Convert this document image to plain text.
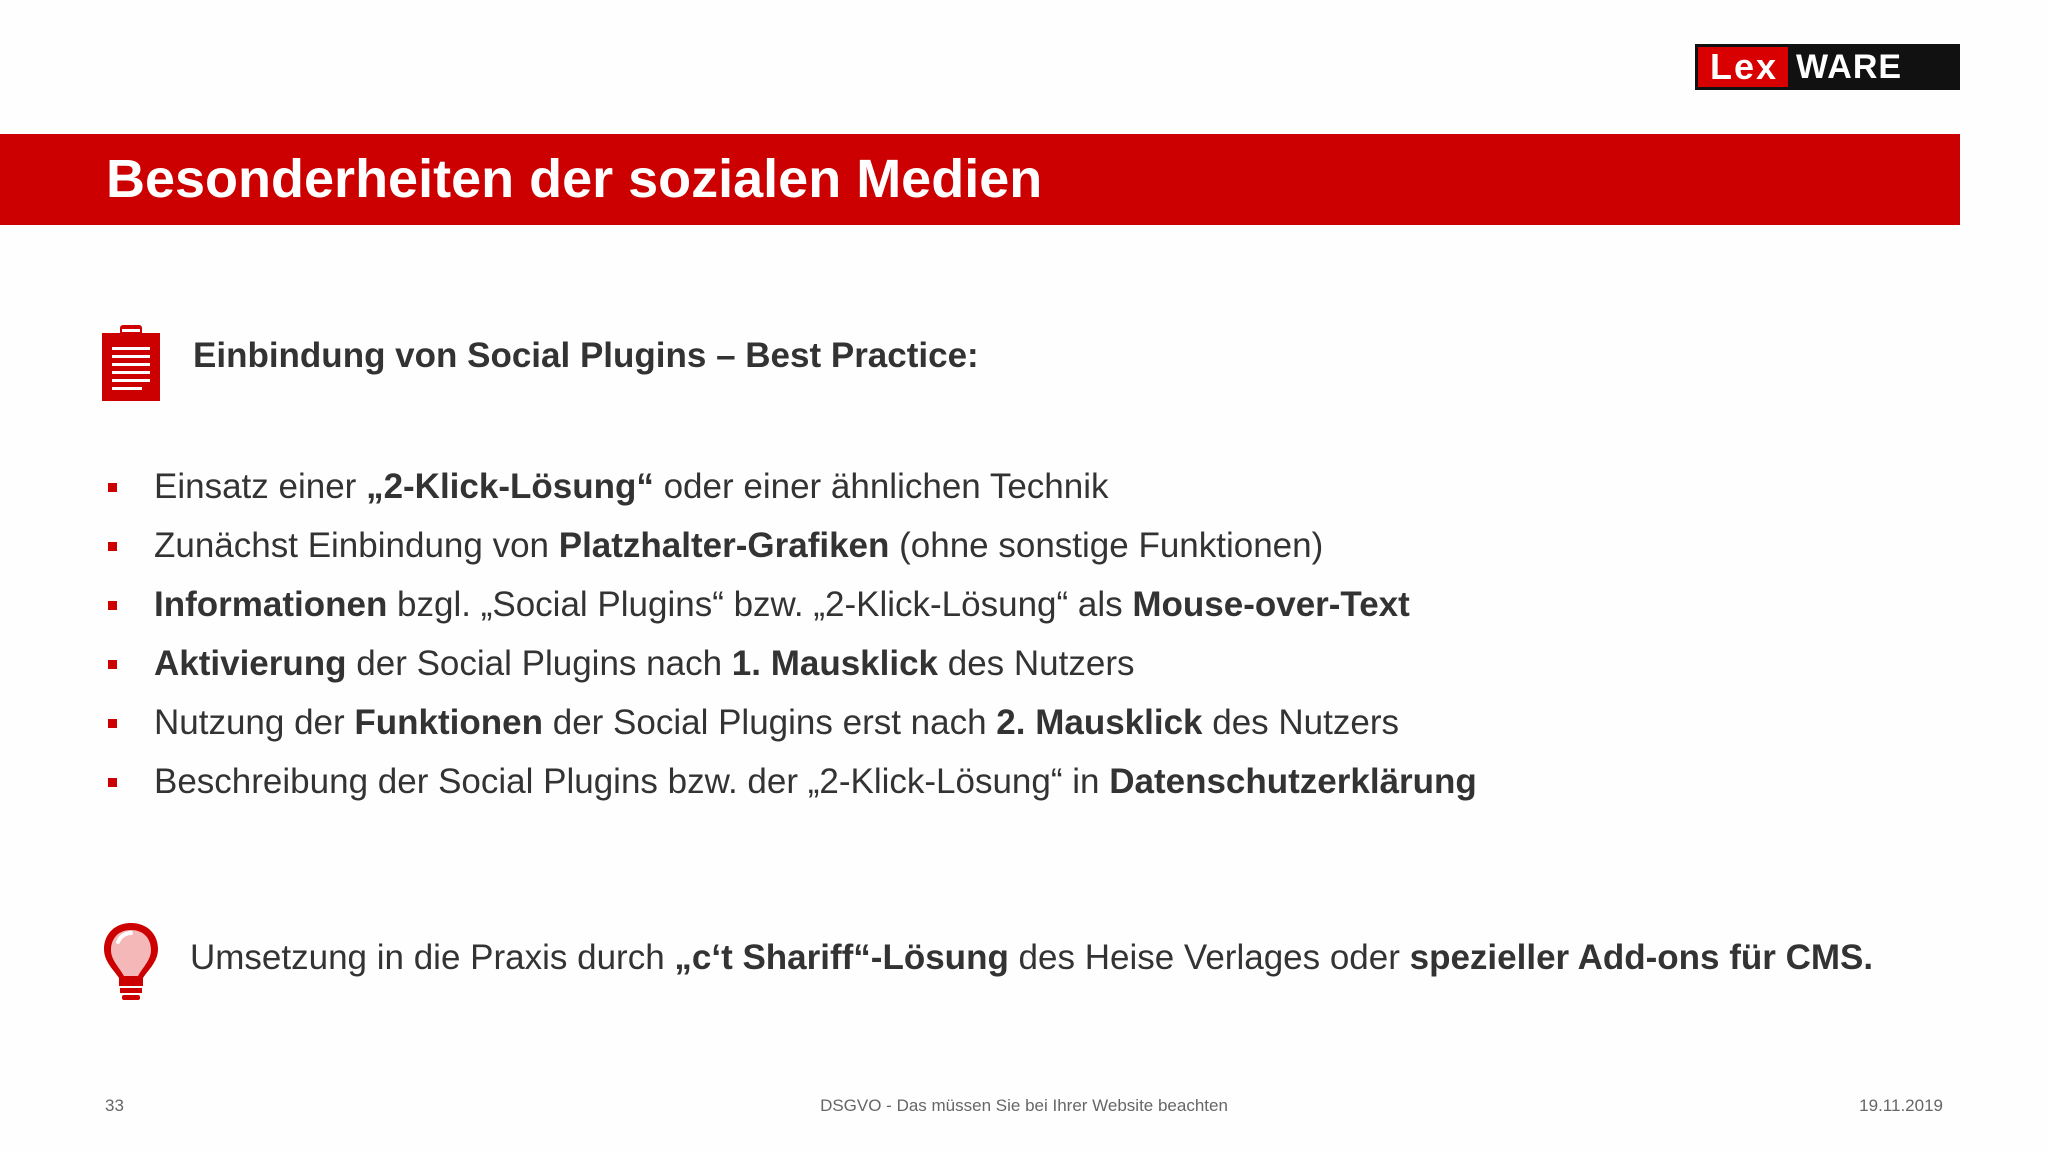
Lex WARE
Besonderheiten der sozialen Medien
Einbindung von Social Plugins – Best Practice:
Einsatz einer „2-Klick-Lösung“ oder einer ähnlichen Technik
Zunächst Einbindung von Platzhalter-Grafiken (ohne sonstige Funktionen)
Informationen bzgl. „Social Plugins“ bzw. „2-Klick-Lösung“ als Mouse-over-Text
Aktivierung der Social Plugins nach 1. Mausklick des Nutzers
Nutzung der Funktionen der Social Plugins erst nach 2. Mausklick des Nutzers
Beschreibung der Social Plugins bzw. der „2-Klick-Lösung“ in Datenschutzerklärung
Umsetzung in die Praxis durch „c‘t Shariff“-Lösung des Heise Verlages oder spezieller Add-ons für CMS.
33	DSGVO - Das müssen Sie bei Ihrer Website beachten	19.11.2019
